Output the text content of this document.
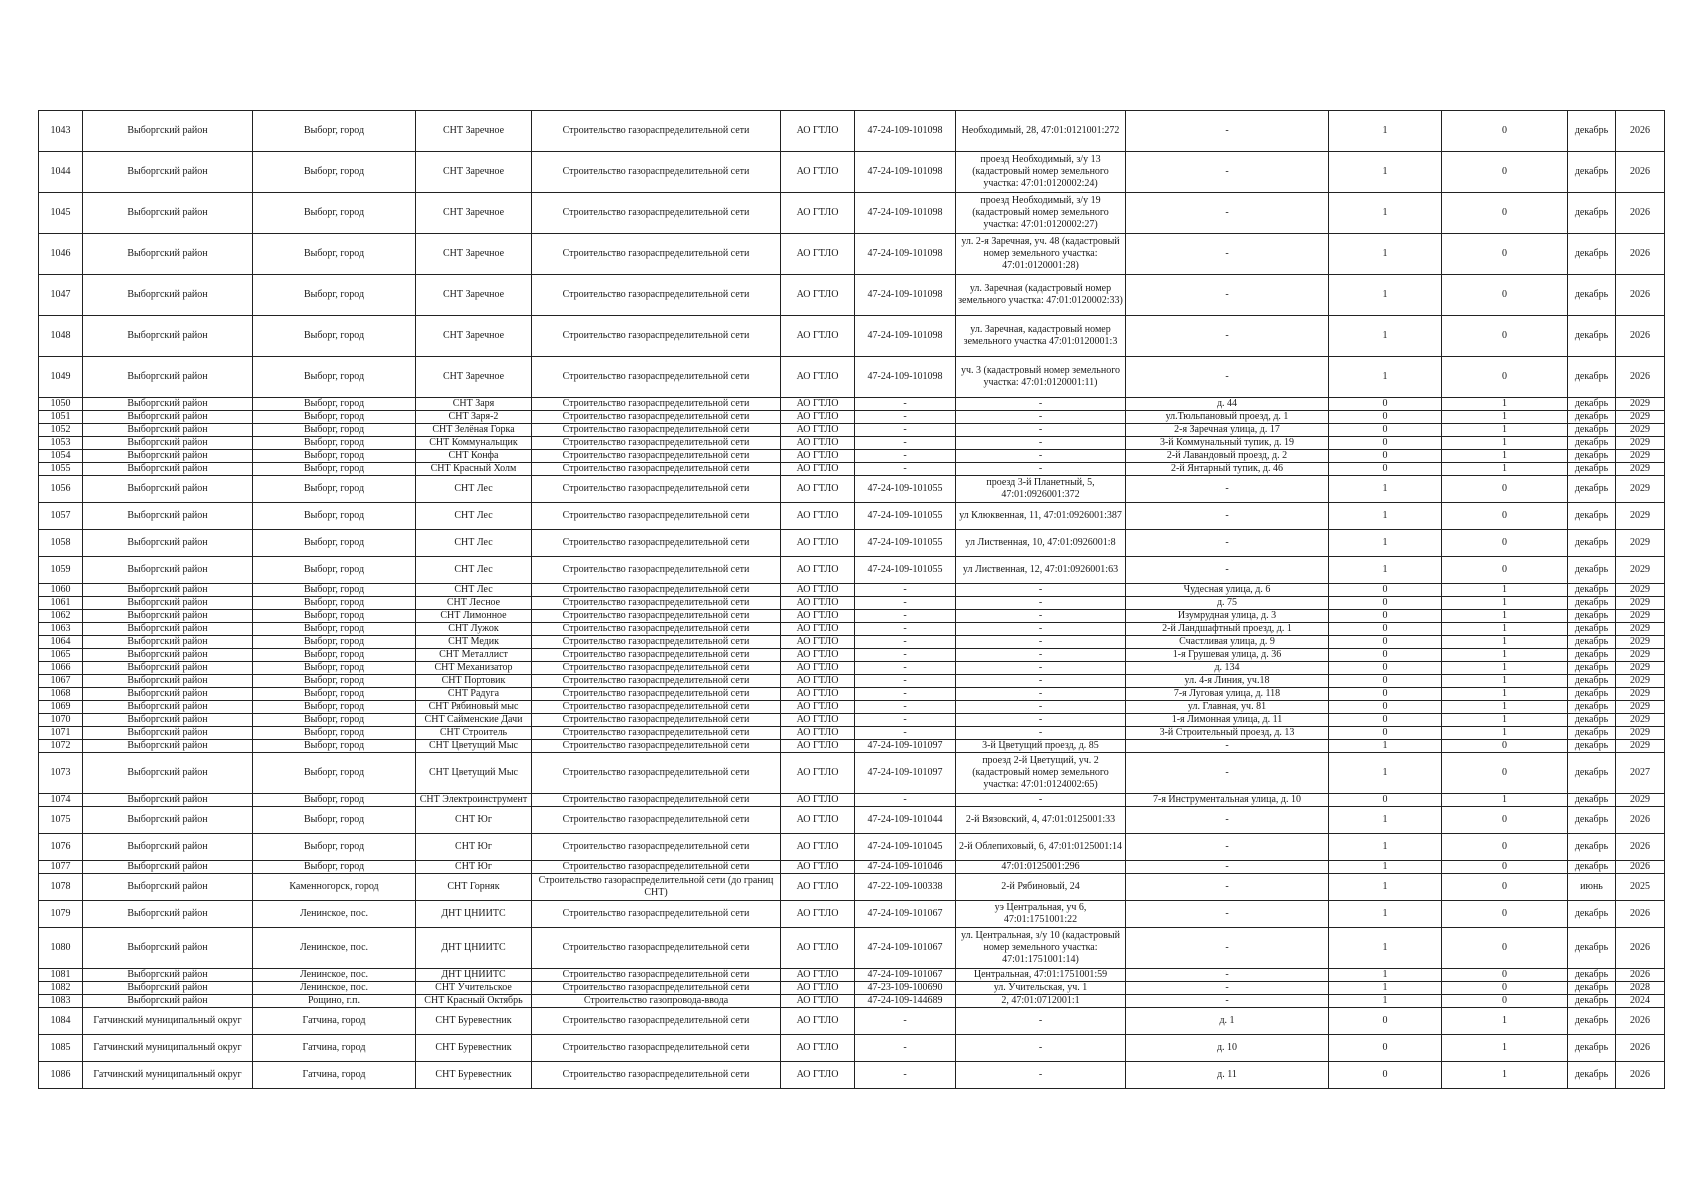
1043	Выборгский район	Выборг, город	СНТ Заречное	Строительство газораспределительной сети	АО ГТЛО	47-24-109-101098	Необходимый, 28, 47:01:0121001:272	-	1	0	декабрь	2026
1044	Выборгский район	Выборг, город	СНТ Заречное	Строительство газораспределительной сети	АО ГТЛО	47-24-109-101098	проезд Необходимый, з/у 13 (кадастровый номер земельного участка: 47:01:0120002:24)	-	1	0	декабрь	2026
1045	Выборгский район	Выборг, город	СНТ Заречное	Строительство газораспределительной сети	АО ГТЛО	47-24-109-101098	проезд Необходимый, з/у 19 (кадастровый номер земельного участка: 47:01:0120002:27)	-	1	0	декабрь	2026
1046	Выборгский район	Выборг, город	СНТ Заречное	Строительство газораспределительной сети	АО ГТЛО	47-24-109-101098	ул. 2-я Заречная, уч. 48 (кадастровый номер земельного участка: 47:01:0120001:28)	-	1	0	декабрь	2026
1047	Выборгский район	Выборг, город	СНТ Заречное	Строительство газораспределительной сети	АО ГТЛО	47-24-109-101098	ул. Заречная (кадастровый номер земельного участка: 47:01:0120002:33)	-	1	0	декабрь	2026
1048	Выборгский район	Выборг, город	СНТ Заречное	Строительство газораспределительной сети	АО ГТЛО	47-24-109-101098	ул. Заречная, кадастровый номер земельного участка 47:01:0120001:3	-	1	0	декабрь	2026
1049	Выборгский район	Выборг, город	СНТ Заречное	Строительство газораспределительной сети	АО ГТЛО	47-24-109-101098	уч. 3 (кадастровый номер земельного участка: 47:01:0120001:11)	-	1	0	декабрь	2026
1050	Выборгский район	Выборг, город	СНТ Заря	Строительство газораспределительной сети	АО ГТЛО	-	-	д. 44	0	1	декабрь	2029
1051	Выборгский район	Выборг, город	СНТ Заря-2	Строительство газораспределительной сети	АО ГТЛО	-	-	ул.Тюльпановый проезд, д. 1	0	1	декабрь	2029
1052	Выборгский район	Выборг, город	СНТ Зелёная Горка	Строительство газораспределительной сети	АО ГТЛО	-	-	2-я Заречная улица, д. 17	0	1	декабрь	2029
1053	Выборгский район	Выборг, город	СНТ Коммунальщик	Строительство газораспределительной сети	АО ГТЛО	-	-	3-й Коммунальный тупик, д. 19	0	1	декабрь	2029
1054	Выборгский район	Выборг, город	СНТ Конфа	Строительство газораспределительной сети	АО ГТЛО	-	-	2-й Лавандовый проезд, д. 2	0	1	декабрь	2029
1055	Выборгский район	Выборг, город	СНТ Красный Холм	Строительство газораспределительной сети	АО ГТЛО	-	-	2-й Янтарный тупик, д. 46	0	1	декабрь	2029
1056	Выборгский район	Выборг, город	СНТ Лес	Строительство газораспределительной сети	АО ГТЛО	47-24-109-101055	проезд 3-й Планетный, 5, 47:01:0926001:372	-	1	0	декабрь	2029
1057	Выборгский район	Выборг, город	СНТ Лес	Строительство газораспределительной сети	АО ГТЛО	47-24-109-101055	ул Клюквенная, 11, 47:01:0926001:387	-	1	0	декабрь	2029
1058	Выборгский район	Выборг, город	СНТ Лес	Строительство газораспределительной сети	АО ГТЛО	47-24-109-101055	ул Лиственная, 10, 47:01:0926001:8	-	1	0	декабрь	2029
1059	Выборгский район	Выборг, город	СНТ Лес	Строительство газораспределительной сети	АО ГТЛО	47-24-109-101055	ул Лиственная, 12, 47:01:0926001:63	-	1	0	декабрь	2029
1060	Выборгский район	Выборг, город	СНТ Лес	Строительство газораспределительной сети	АО ГТЛО	-	-	Чудесная улица, д. 6	0	1	декабрь	2029
1061	Выборгский район	Выборг, город	СНТ Лесное	Строительство газораспределительной сети	АО ГТЛО	-	-	д. 75	0	1	декабрь	2029
1062	Выборгский район	Выборг, город	СНТ Лимонное	Строительство газораспределительной сети	АО ГТЛО	-	-	Изумрудная улица, д. 3	0	1	декабрь	2029
1063	Выборгский район	Выборг, город	СНТ Лужок	Строительство газораспределительной сети	АО ГТЛО	-	-	2-й Ландшафтный проезд, д. 1	0	1	декабрь	2029
1064	Выборгский район	Выборг, город	СНТ Медик	Строительство газораспределительной сети	АО ГТЛО	-	-	Счастливая улица, д. 9	0	1	декабрь	2029
1065	Выборгский район	Выборг, город	СНТ Металлист	Строительство газораспределительной сети	АО ГТЛО	-	-	1-я Грушевая улица, д. 36	0	1	декабрь	2029
1066	Выборгский район	Выборг, город	СНТ Механизатор	Строительство газораспределительной сети	АО ГТЛО	-	-	д. 134	0	1	декабрь	2029
1067	Выборгский район	Выборг, город	СНТ Портовик	Строительство газораспределительной сети	АО ГТЛО	-	-	ул. 4-я Линия, уч.18	0	1	декабрь	2029
1068	Выборгский район	Выборг, город	СНТ Радуга	Строительство газораспределительной сети	АО ГТЛО	-	-	7-я Луговая улица, д. 118	0	1	декабрь	2029
1069	Выборгский район	Выборг, город	СНТ Рябиновый мыс	Строительство газораспределительной сети	АО ГТЛО	-	-	ул. Главная, уч. 81	0	1	декабрь	2029
1070	Выборгский район	Выборг, город	СНТ Сайменские Дачи	Строительство газораспределительной сети	АО ГТЛО	-	-	1-я Лимонная улица, д. 11	0	1	декабрь	2029
1071	Выборгский район	Выборг, город	СНТ Строитель	Строительство газораспределительной сети	АО ГТЛО	-	-	3-й Строительный проезд, д. 13	0	1	декабрь	2029
1072	Выборгский район	Выборг, город	СНТ Цветущий Мыс	Строительство газораспределительной сети	АО ГТЛО	47-24-109-101097	3-й Цветущий проезд, д. 85	-	1	0	декабрь	2029
1073	Выборгский район	Выборг, город	СНТ Цветущий Мыс	Строительство газораспределительной сети	АО ГТЛО	47-24-109-101097	проезд 2-й Цветущий, уч. 2 (кадастровый номер земельного участка: 47:01:0124002:65)	-	1	0	декабрь	2027
1074	Выборгский район	Выборг, город	СНТ Электроинструмент	Строительство газораспределительной сети	АО ГТЛО	-	-	7-я Инструментальная улица, д. 10	0	1	декабрь	2029
1075	Выборгский район	Выборг, город	СНТ Юг	Строительство газораспределительной сети	АО ГТЛО	47-24-109-101044	2-й Вязовский, 4, 47:01:0125001:33	-	1	0	декабрь	2026
1076	Выборгский район	Выборг, город	СНТ Юг	Строительство газораспределительной сети	АО ГТЛО	47-24-109-101045	2-й Облепиховый, 6, 47:01:0125001:14	-	1	0	декабрь	2026
1077	Выборгский район	Выборг, город	СНТ Юг	Строительство газораспределительной сети	АО ГТЛО	47-24-109-101046	47:01:0125001:296	-	1	0	декабрь	2026
1078	Выборгский район	Каменногорск, город	СНТ Горняк	Строительство газораспределительной сети (до границ СНТ)	АО ГТЛО	47-22-109-100338	2-й Рябиновый, 24	-	1	0	июнь	2025
1079	Выборгский район	Ленинское, пос.	ДНТ ЦНИИТС	Строительство газораспределительной сети	АО ГТЛО	47-24-109-101067	уэ Центральная, уч 6, 47:01:1751001:22	-	1	0	декабрь	2026
1080	Выборгский район	Ленинское, пос.	ДНТ ЦНИИТС	Строительство газораспределительной сети	АО ГТЛО	47-24-109-101067	ул. Центральная, з/у 10 (кадастровый номер земельного участка: 47:01:1751001:14)	-	1	0	декабрь	2026
1081	Выборгский район	Ленинское, пос.	ДНТ ЦНИИТС	Строительство газораспределительной сети	АО ГТЛО	47-24-109-101067	Центральная, 47:01:1751001:59	-	1	0	декабрь	2026
1082	Выборгский район	Ленинское, пос.	СНТ Учительское	Строительство газораспределительной сети	АО ГТЛО	47-23-109-100690	ул. Учительская, уч. 1	-	1	0	декабрь	2028
1083	Выборгский район	Рощино, г.п.	СНТ Красный Октябрь	Строительство газопровода-ввода	АО ГТЛО	47-24-109-144689	2, 47:01:0712001:1	-	1	0	декабрь	2024
1084	Гатчинский муниципальный округ	Гатчина, город	СНТ Буревестник	Строительство газораспределительной сети	АО ГТЛО	-	-	д. 1	0	1	декабрь	2026
1085	Гатчинский муниципальный округ	Гатчина, город	СНТ Буревестник	Строительство газораспределительной сети	АО ГТЛО	-	-	д. 10	0	1	декабрь	2026
1086	Гатчинский муниципальный округ	Гатчина, город	СНТ Буревестник	Строительство газораспределительной сети	АО ГТЛО	-	-	д. 11	0	1	декабрь	2026
